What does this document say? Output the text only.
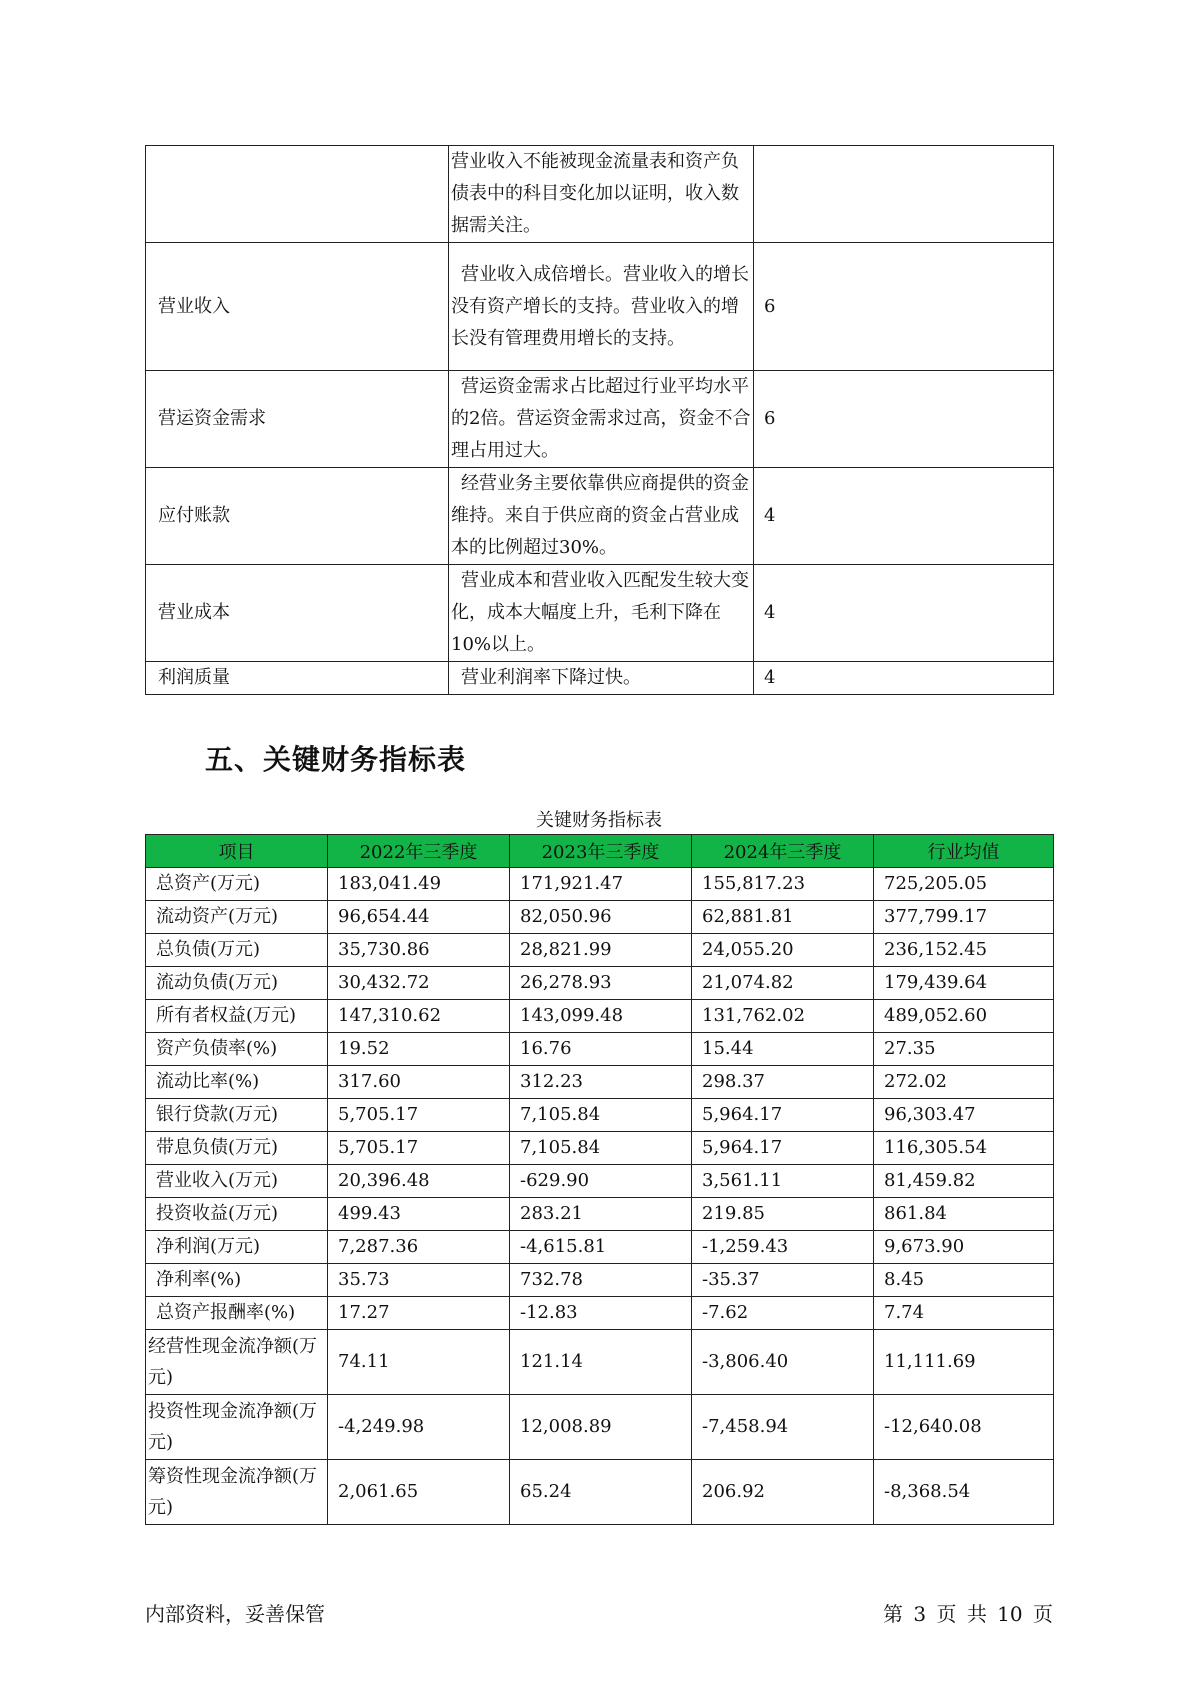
	营业收入不能被现金流量表和资产负债表中的科目变化加以证明，收入数据需关注。	
营业收入	营业收入成倍增长。营业收入的增长没有资产增长的支持。营业收入的增长没有管理费用增长的支持。	6
营运资金需求	营运资金需求占比超过行业平均水平的2倍。营运资金需求过高，资金不合理占用过大。	6
应付账款	经营业务主要依靠供应商提供的资金维持。来自于供应商的资金占营业成本的比例超过30%。	4
营业成本	营业成本和营业收入匹配发生较大变化，成本大幅度上升，毛利下降在10%以上。	4
利润质量	营业利润率下降过快。	4
五、关键财务指标表
关键财务指标表
项目	2022年三季度	2023年三季度	2024年三季度	行业均值
总资产(万元)	183,041.49	171,921.47	155,817.23	725,205.05
流动资产(万元)	96,654.44	82,050.96	62,881.81	377,799.17
总负债(万元)	35,730.86	28,821.99	24,055.20	236,152.45
流动负债(万元)	30,432.72	26,278.93	21,074.82	179,439.64
所有者权益(万元)	147,310.62	143,099.48	131,762.02	489,052.60
资产负债率(%)	19.52	16.76	15.44	27.35
流动比率(%)	317.60	312.23	298.37	272.02
银行贷款(万元)	5,705.17	7,105.84	5,964.17	96,303.47
带息负债(万元)	5,705.17	7,105.84	5,964.17	116,305.54
营业收入(万元)	20,396.48	-629.90	3,561.11	81,459.82
投资收益(万元)	499.43	283.21	219.85	861.84
净利润(万元)	7,287.36	-4,615.81	-1,259.43	9,673.90
净利率(%)	35.73	732.78	-35.37	8.45
总资产报酬率(%)	17.27	-12.83	-7.62	7.74
经营性现金流净额(万元)	74.11	121.14	-3,806.40	11,111.69
投资性现金流净额(万元)	-4,249.98	12,008.89	-7,458.94	-12,640.08
筹资性现金流净额(万元)	2,061.65	65.24	206.92	-8,368.54
内部资料，妥善保管	第 3 页 共 10 页
